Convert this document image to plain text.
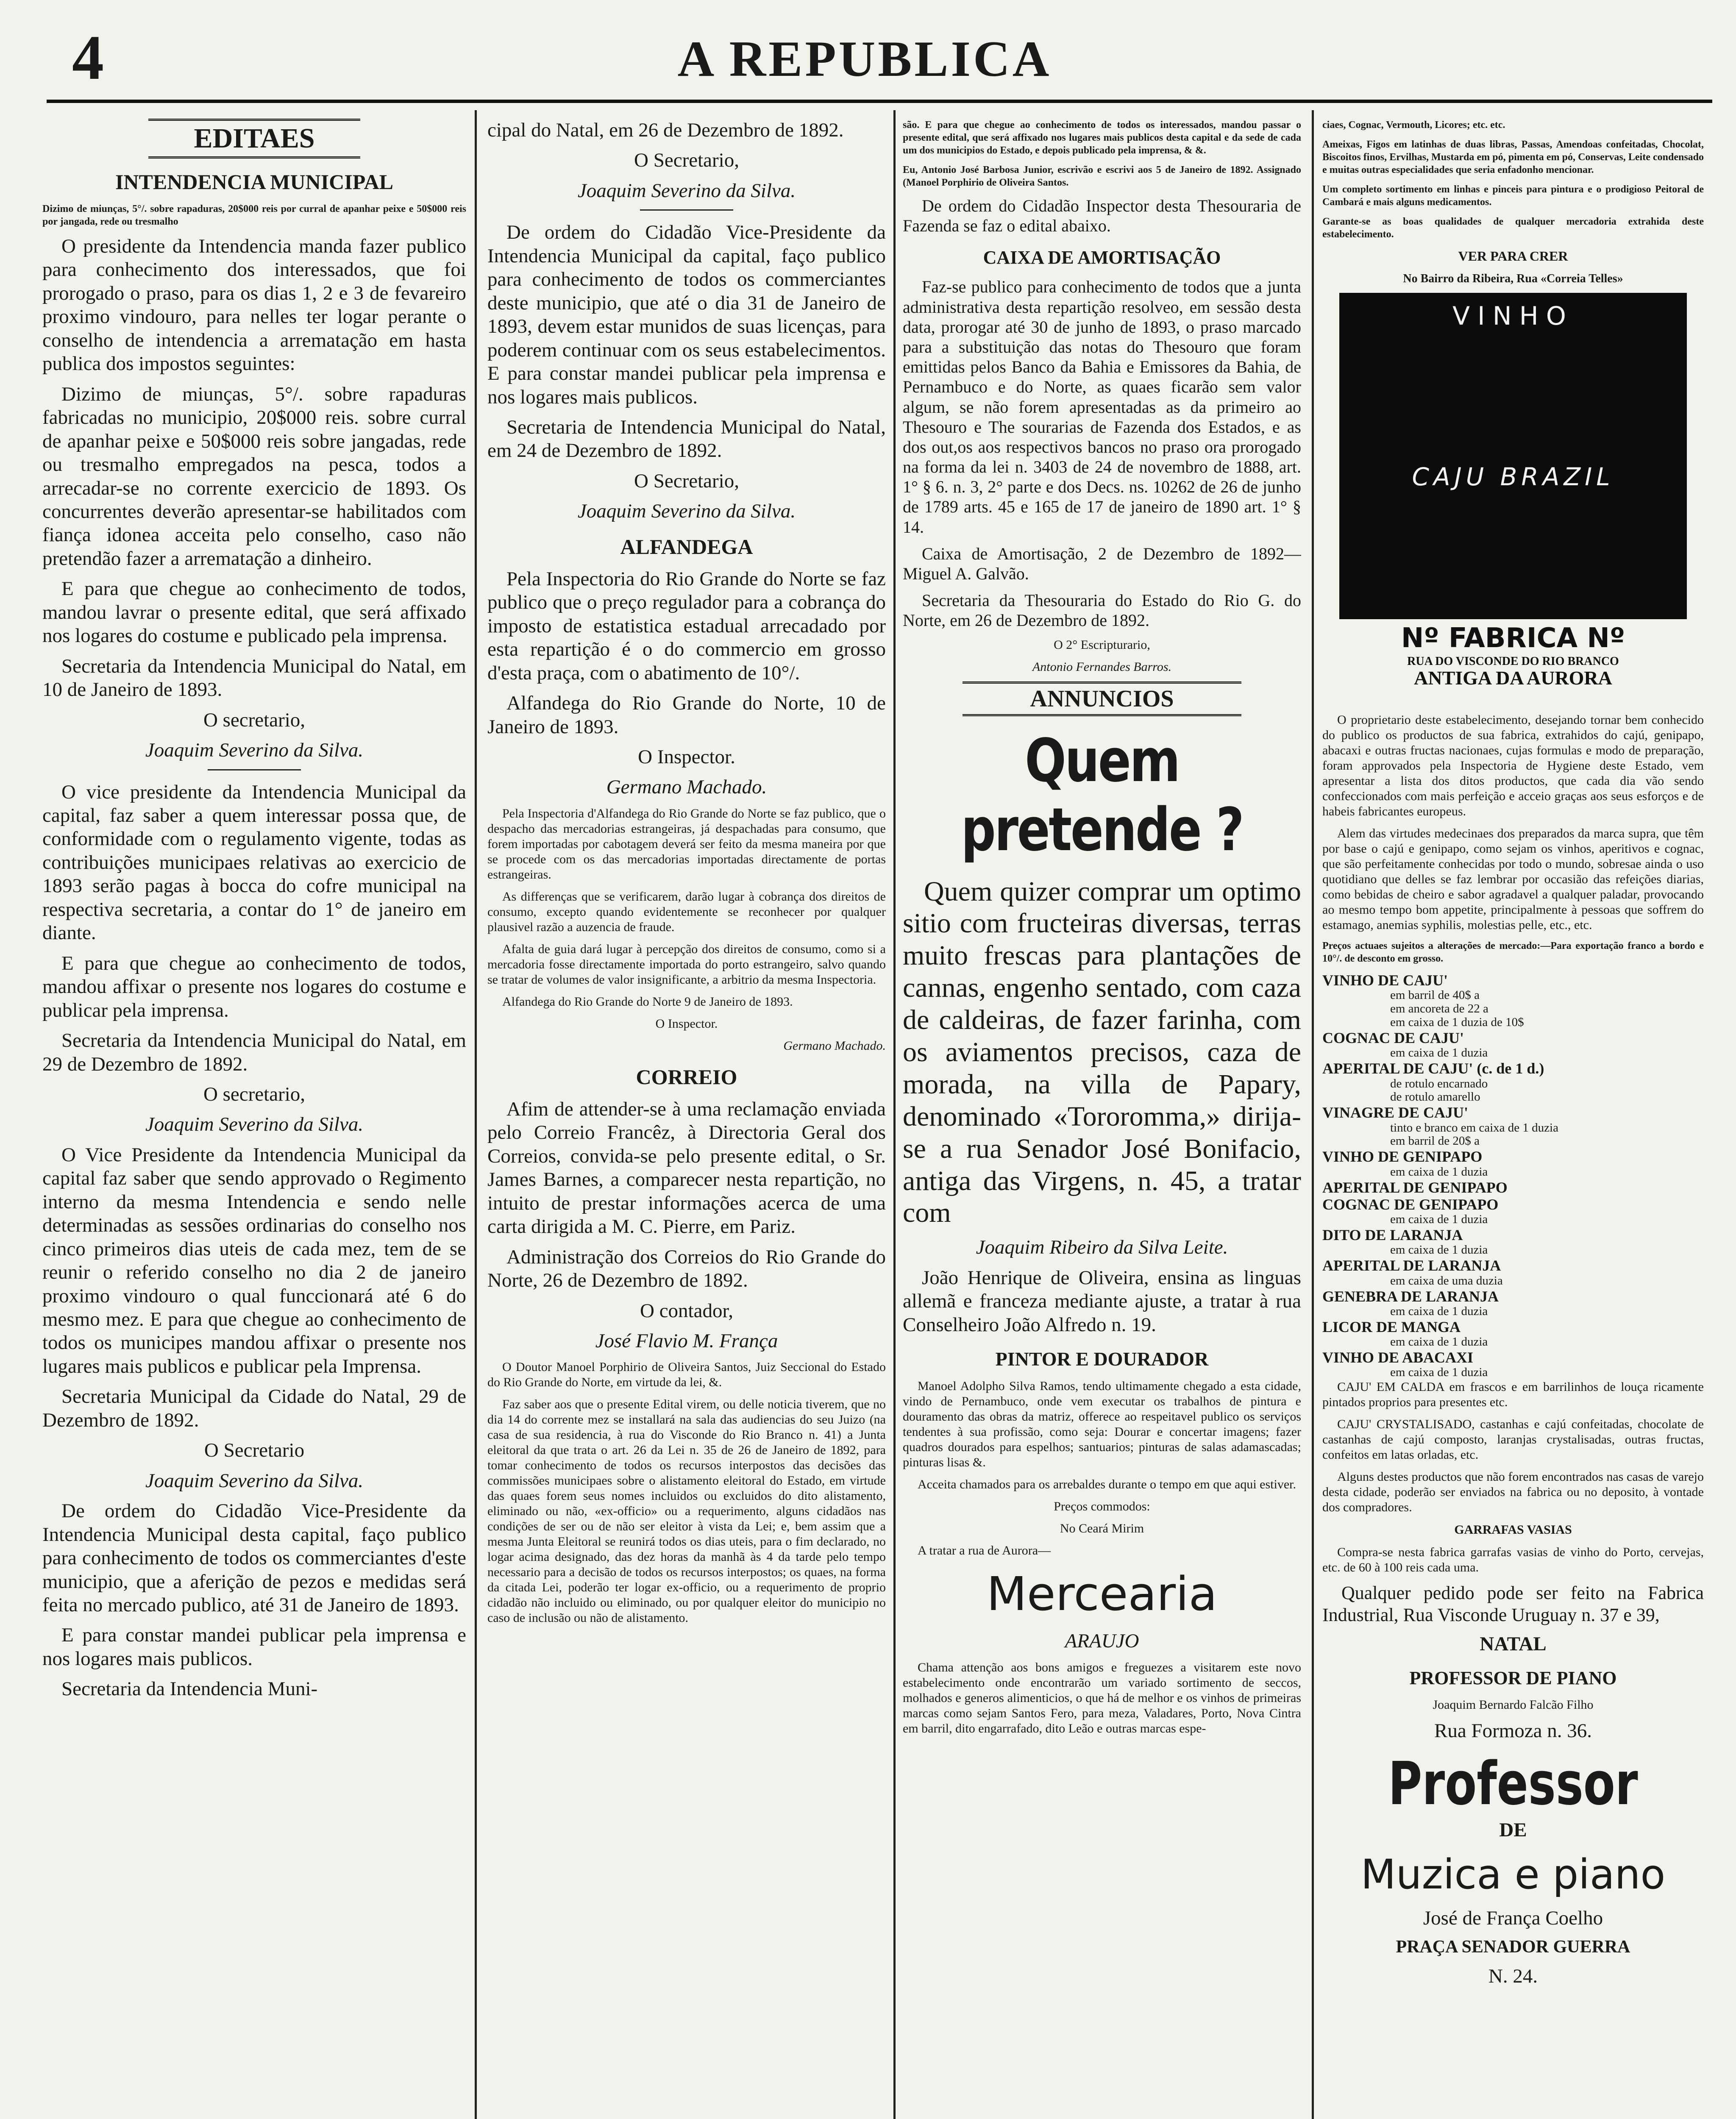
4	A REPUBLICA
EDITAES

INTENDENCIA MUNICIPAL

Dizimo de miunças, 5°/. sobre rapaduras, 20$000 reis por curral de apanhar peixe e 50$000 reis por jangada, rede ou tresmalho

O presidente da Intendencia manda fazer publico para conhecimento dos interessados, que foi prorogado o praso, para os dias 1, 2 e 3 de fevareiro proximo vindouro, para nelles ter logar perante o conselho de intendencia a arrematação em hasta publica dos impostos seguintes:

Dizimo de miunças, 5°/. sobre rapaduras fabricadas no municipio, 20$000 reis. sobre curral de apanhar peixe e 50$000 reis sobre jangadas, rede ou tresmalho empregados na pesca, todos a arrecadar-se no corrente exercicio de 1893. Os concurrentes deverão apresentar-se habilitados com fiança idonea acceita pelo conselho, caso não pretendão fazer a arrematação a dinheiro.

E para que chegue ao conhecimento de todos, mandou lavrar o presente edital, que será affixado nos logares do costume e publicado pela imprensa.

Secretaria da Intendencia Municipal do Natal, em 10 de Janeiro de 1893.

O secretario,

Joaquim Severino da Silva.

O vice presidente da Intendencia Municipal da capital, faz saber a quem interessar possa que, de conformidade com o regulamento vigente, todas as contribuições municipaes relativas ao exercicio de 1893 serão pagas à bocca do cofre municipal na respectiva secretaria, a contar do 1° de janeiro em diante.

E para que chegue ao conhecimento de todos, mandou affixar o presente nos logares do costume e publicar pela imprensa.

Secretaria da Intendencia Municipal do Natal, em 29 de Dezembro de 1892.

O secretario,

Joaquim Severino da Silva.

O Vice Presidente da Intendencia Municipal da capital faz saber que sendo approvado o Regimento interno da mesma Intendencia e sendo nelle determinadas as sessões ordinarias do conselho nos cinco primeiros dias uteis de cada mez, tem de se reunir o referido conselho no dia 2 de janeiro proximo vindouro o qual funccionará até 6 do mesmo mez. E para que chegue ao conhecimento de todos os municipes mandou affixar o presente nos lugares mais publicos e publicar pela Imprensa.

Secretaria Municipal da Cidade do Natal, 29 de Dezembro de 1892.

O Secretario

Joaquim Severino da Silva.

De ordem do Cidadão Vice-Presidente da Intendencia Municipal desta capital, faço publico para conhecimento de todos os commerciantes d'este municipio, que a aferição de pezos e medidas será feita no mercado publico, até 31 de Janeiro de 1893.

E para constar mandei publicar pela imprensa e nos logares mais publicos.

Secretaria da Intendencia Muni-

cipal do Natal, em 26 de Dezembro de 1892.

O Secretario,

Joaquim Severino da Silva.

De ordem do Cidadão Vice-Presidente da Intendencia Municipal da capital, faço publico para conhecimento de todos os commerciantes deste municipio, que até o dia 31 de Janeiro de 1893, devem estar munidos de suas licenças, para poderem continuar com os seus estabelecimentos. E para constar mandei publicar pela imprensa e nos logares mais publicos.

Secretaria de Intendencia Municipal do Natal, em 24 de Dezembro de 1892.

O Secretario,

Joaquim Severino da Silva.

ALFANDEGA

Pela Inspectoria do Rio Grande do Norte se faz publico que o preço regulador para a cobrança do imposto de estatistica estadual arrecadado por esta repartição é o do commercio em grosso d'esta praça, com o abatimento de 10°/.

Alfandega do Rio Grande do Norte, 10 de Janeiro de 1893.

O Inspector.

Germano Machado.

Pela Inspectoria d'Alfandega do Rio Grande do Norte se faz publico, que o despacho das mercadorias estrangeiras, já despachadas para consumo, que forem importadas por cabotagem deverá ser feito da mesma maneira por que se procede com os das mercadorias importadas directamente de portas estrangeiras.

As differenças que se verificarem, darão lugar à cobrança dos direitos de consumo, excepto quando evidentemente se reconhecer por qualquer plausivel razão a auzencia de fraude.

Afalta de guia dará lugar à percepção dos direitos de consumo, como si a mercadoria fosse directamente importada do porto estrangeiro, salvo quando se tratar de volumes de valor insignificante, a arbitrio da mesma Inspectoria.

Alfandega do Rio Grande do Norte 9 de Janeiro de 1893.

O Inspector.

Germano Machado.

CORREIO

Afim de attender-se à uma reclamação enviada pelo Correio Francêz, à Directoria Geral dos Correios, convida-se pelo presente edital, o Sr. James Barnes, a comparecer nesta repartição, no intuito de prestar informações acerca de uma carta dirigida a M. C. Pierre, em Pariz.

Administração dos Correios do Rio Grande do Norte, 26 de Dezembro de 1892.

O contador,

José Flavio M. França

O Doutor Manoel Porphirio de Oliveira Santos, Juiz Seccional do Estado do Rio Grande do Norte, em virtude da lei, &.

Faz saber aos que o presente Edital virem, ou delle noticia tiverem, que no dia 14 do corrente mez se installará na sala das audiencias do seu Juizo (na casa de sua residencia, à rua do Visconde do Rio Branco n. 41) a Junta eleitoral da que trata o art. 26 da Lei n. 35 de 26 de Janeiro de 1892, para tomar conhecimento de todos os recursos interpostos das decisões das commissões municipaes sobre o alistamento eleitoral do Estado, em virtude das quaes forem seus nomes incluidos ou excluidos do dito alistamento, eliminado ou não, «ex-officio» ou a requerimento, alguns cidadãos nas condições de ser ou de não ser eleitor à vista da Lei; e, bem assim que a mesma Junta Eleitoral se reunirá todos os dias uteis, para o fim declarado, no logar acima designado, das dez horas da manhã às 4 da tarde pelo tempo necessario para a decisão de todos os recursos interpostos; os quaes, na forma da citada Lei, poderão ter logar ex-officio, ou a requerimento de proprio cidadão não incluido ou eliminado, ou por qualquer eleitor do municipio no caso de inclusão ou não de alistamento.

são. E para que chegue ao conhecimento de todos os interessados, mandou passar o presente edital, que será affixado nos lugares mais publicos desta capital e da sede de cada um dos municipios do Estado, e depois publicado pela imprensa, & &.

Eu, Antonio José Barbosa Junior, escrivão e escrivi aos 5 de Janeiro de 1892. Assignado (Manoel Porphirio de Oliveira Santos.

De ordem do Cidadão Inspector desta Thesouraria de Fazenda se faz o edital abaixo.

CAIXA DE AMORTISAÇÃO

Faz-se publico para conhecimento de todos que a junta administrativa desta repartição resolveo, em sessão desta data, prorogar até 30 de junho de 1893, o praso marcado para a substituição das notas do Thesouro que foram emittidas pelos Banco da Bahia e Emissores da Bahia, de Pernambuco e do Norte, as quaes ficarão sem valor algum, se não forem apresentadas as da primeiro ao Thesouro e The sourarias de Fazenda dos Estados, e as dos out,os aos respectivos bancos no praso ora prorogado na forma da lei n. 3403 de 24 de novembro de 1888, art. 1° § 6. n. 3, 2° parte e dos Decs. ns. 10262 de 26 de junho de 1789 arts. 45 e 165 de 17 de janeiro de 1890 art. 1° § 14.

Caixa de Amortisação, 2 de Dezembro de 1892—Miguel A. Galvão.

Secretaria da Thesouraria do Estado do Rio G. do Norte, em 26 de Dezembro de 1892.

O 2° Escripturario,

Antonio Fernandes Barros.

ANNUNCIOS
Quem pretende ?

Quem quizer comprar um optimo sitio com fructeiras diversas, terras muito frescas para plantações de cannas, engenho sentado, com caza de caldeiras, de fazer farinha, com os aviamentos precisos, caza de morada, na villa de Papary, denominado «Tororomma,» dirija-se a rua Senador José Bonifacio, antiga das Virgens, n. 45, a tratar com

Joaquim Ribeiro da Silva Leite.

João Henrique de Oliveira, ensina as linguas allemã e franceza mediante ajuste, a tratar à rua Conselheiro João Alfredo n. 19.

PINTOR E DOURADOR

Manoel Adolpho Silva Ramos, tendo ultimamente chegado a esta cidade, vindo de Pernambuco, onde vem executar os trabalhos de pintura e douramento das obras da matriz, offerece ao respeitavel publico os serviços tendentes à sua profissão, como seja: Dourar e concertar imagens; fazer quadros dourados para espelhos; santuarios; pinturas de salas adamascadas; pinturas lisas &.

Acceita chamados para os arrebaldes durante o tempo em que aqui estiver.

Preços commodos:

No Ceará Mirim

A tratar a rua de Aurora—

Mercearia

ARAUJO

Chama attenção aos bons amigos e freguezes a visitarem este novo estabelecimento onde encontrarão um variado sortimento de seccos, molhados e generos alimenticios, o que há de melhor e os vinhos de primeiras marcas como sejam Santos Fero, para meza, Valadares, Porto, Nova Cintra em barril, dito engarrafado, dito Leão e outras marcas espe-

ciaes, Cognac, Vermouth, Licores; etc. etc.

Ameixas, Figos em latinhas de duas libras, Passas, Amendoas confeitadas, Chocolat, Biscoitos finos, Ervilhas, Mustarda em pó, pimenta em pó, Conservas, Leite condensado e muitas outras especialidades que seria enfadonho mencionar.

Um completo sortimento em linhas e pinceis para pintura e o prodigioso Peitoral de Cambará e mais alguns medicamentos.

Garante-se as boas qualidades de qualquer mercadoria extrahida deste estabelecimento.

VER PARA CRER

No Bairro da Ribeira, Rua «Correia Telles»

VINHO
CAJU BRAZIL
Nº FABRICA Nº
RUA DO VISCONDE DO RIO BRANCO
ANTIGA DA AURORA

O proprietario deste estabelecimento, desejando tornar bem conhecido do publico os productos de sua fabrica, extrahidos do cajú, genipapo, abacaxi e outras fructas nacionaes, cujas formulas e modo de preparação, foram approvados pela Inspectoria de Hygiene deste Estado, vem apresentar a lista dos ditos productos, que cada dia vão sendo confeccionados com mais perfeição e acceio graças aos seus esforços e de habeis fabricantes europeus.

Alem das virtudes medecinaes dos preparados da marca supra, que têm por base o cajú e genipapo, como sejam os vinhos, aperitivos e cognac, que são perfeitamente conhecidas por todo o mundo, sobresae ainda o uso quotidiano que delles se faz lembrar por occasião das refeições diarias, como bebidas de cheiro e sabor agradavel a qualquer paladar, provocando ao mesmo tempo bom appetite, principalmente à pessoas que soffrem do estamago, anemias syphilis, molestias pelle, etc., etc.

Preços actuaes sujeitos a alterações de mercado:—Para exportação franco a bordo e 10°/. de desconto em grosso.

VINHO DE CAJU'

em barril de 40$ a

em ancoreta de 22 a

em caixa de 1 duzia de 10$

COGNAC DE CAJU'

em caixa de 1 duzia

APERITAL DE CAJU' (c. de 1 d.)

de rotulo encarnado

de rotulo amarello

VINAGRE DE CAJU'

tinto e branco em caixa de 1 duzia

em barril de 20$ a

VINHO DE GENIPAPO

em caixa de 1 duzia

APERITAL DE GENIPAPO

COGNAC DE GENIPAPO

em caixa de 1 duzia

DITO DE LARANJA

em caixa de 1 duzia

APERITAL DE LARANJA

em caixa de uma duzia

GENEBRA DE LARANJA

em caixa de 1 duzia

LICOR DE MANGA

em caixa de 1 duzia

VINHO DE ABACAXI

em caixa de 1 duzia

CAJU' EM CALDA em frascos e em barrilinhos de louça ricamente pintados proprios para presentes etc.

CAJU' CRYSTALISADO, castanhas e cajú confeitadas, chocolate de castanhas de cajú composto, laranjas crystalisadas, outras fructas, confeitos em latas orladas, etc.

Alguns destes productos que não forem encontrados nas casas de varejo desta cidade, poderão ser enviados na fabrica ou no deposito, à vontade dos compradores.

GARRAFAS VASIAS

Compra-se nesta fabrica garrafas vasias de vinho do Porto, cervejas, etc. de 60 à 100 reis cada uma.

Qualquer pedido pode ser feito na Fabrica Industrial, Rua Visconde Uruguay n. 37 e 39,

NATAL

PROFESSOR DE PIANO

Joaquim Bernardo Falcão Filho

Rua Formoza n. 36.

Professor

DE

Muzica e piano

José de França Coelho

PRAÇA SENADOR GUERRA

N. 24.
